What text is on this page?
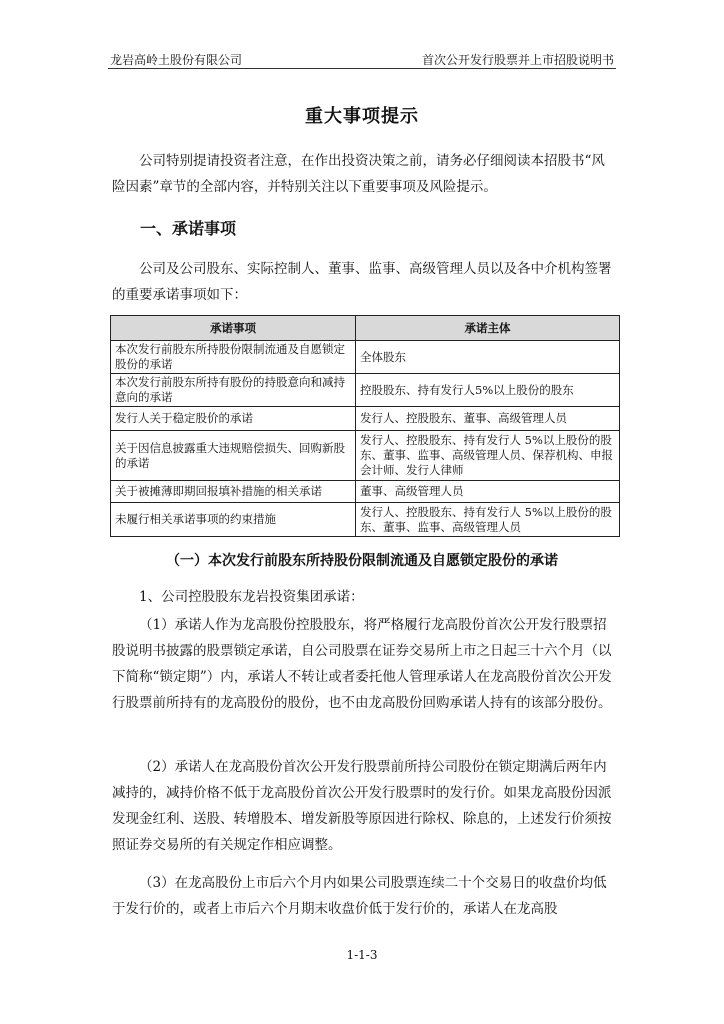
龙岩高岭土股份有限公司	首次公开发行股票并上市招股说明书
重大事项提示
公司特别提请投资者注意，在作出投资决策之前，请务必仔细阅读本招股书“风险因素”章节的全部内容，并特别关注以下重要事项及风险提示。
一、承诺事项
公司及公司股东、实际控制人、董事、监事、高级管理人员以及各中介机构签署的重要承诺事项如下：
承诺事项	承诺主体
本次发行前股东所持股份限制流通及自愿锁定股份的承诺	全体股东
本次发行前股东所持有股份的持股意向和减持意向的承诺	控股股东、持有发行人5%以上股份的股东
发行人关于稳定股价的承诺	发行人、控股股东、董事、高级管理人员
关于因信息披露重大违规赔偿损失、回购新股的承诺	发行人、控股股东、持有发行人 5%以上股份的股东、董事、监事、高级管理人员、保荐机构、申报会计师、发行人律师
关于被摊薄即期回报填补措施的相关承诺	董事、高级管理人员
未履行相关承诺事项的约束措施	发行人、控股股东、持有发行人 5%以上股份的股东、董事、监事、高级管理人员
（一）本次发行前股东所持股份限制流通及自愿锁定股份的承诺
1、公司控股股东龙岩投资集团承诺：
（1）承诺人作为龙高股份控股股东，将严格履行龙高股份首次公开发行股票招股说明书披露的股票锁定承诺，自公司股票在证券交易所上市之日起三十六个月（以下简称“锁定期”）内，承诺人不转让或者委托他人管理承诺人在龙高股份首次公开发行股票前所持有的龙高股份的股份，也不由龙高股份回购承诺人持有的该部分股份。
（2）承诺人在龙高股份首次公开发行股票前所持公司股份在锁定期满后两年内减持的，减持价格不低于龙高股份首次公开发行股票时的发行价。如果龙高股份因派发现金红利、送股、转增股本、增发新股等原因进行除权、除息的，上述发行价须按照证券交易所的有关规定作相应调整。
（3）在龙高股份上市后六个月内如果公司股票连续二十个交易日的收盘价均低于发行价的，或者上市后六个月期末收盘价低于发行价的，承诺人在龙高股
1-1-3
